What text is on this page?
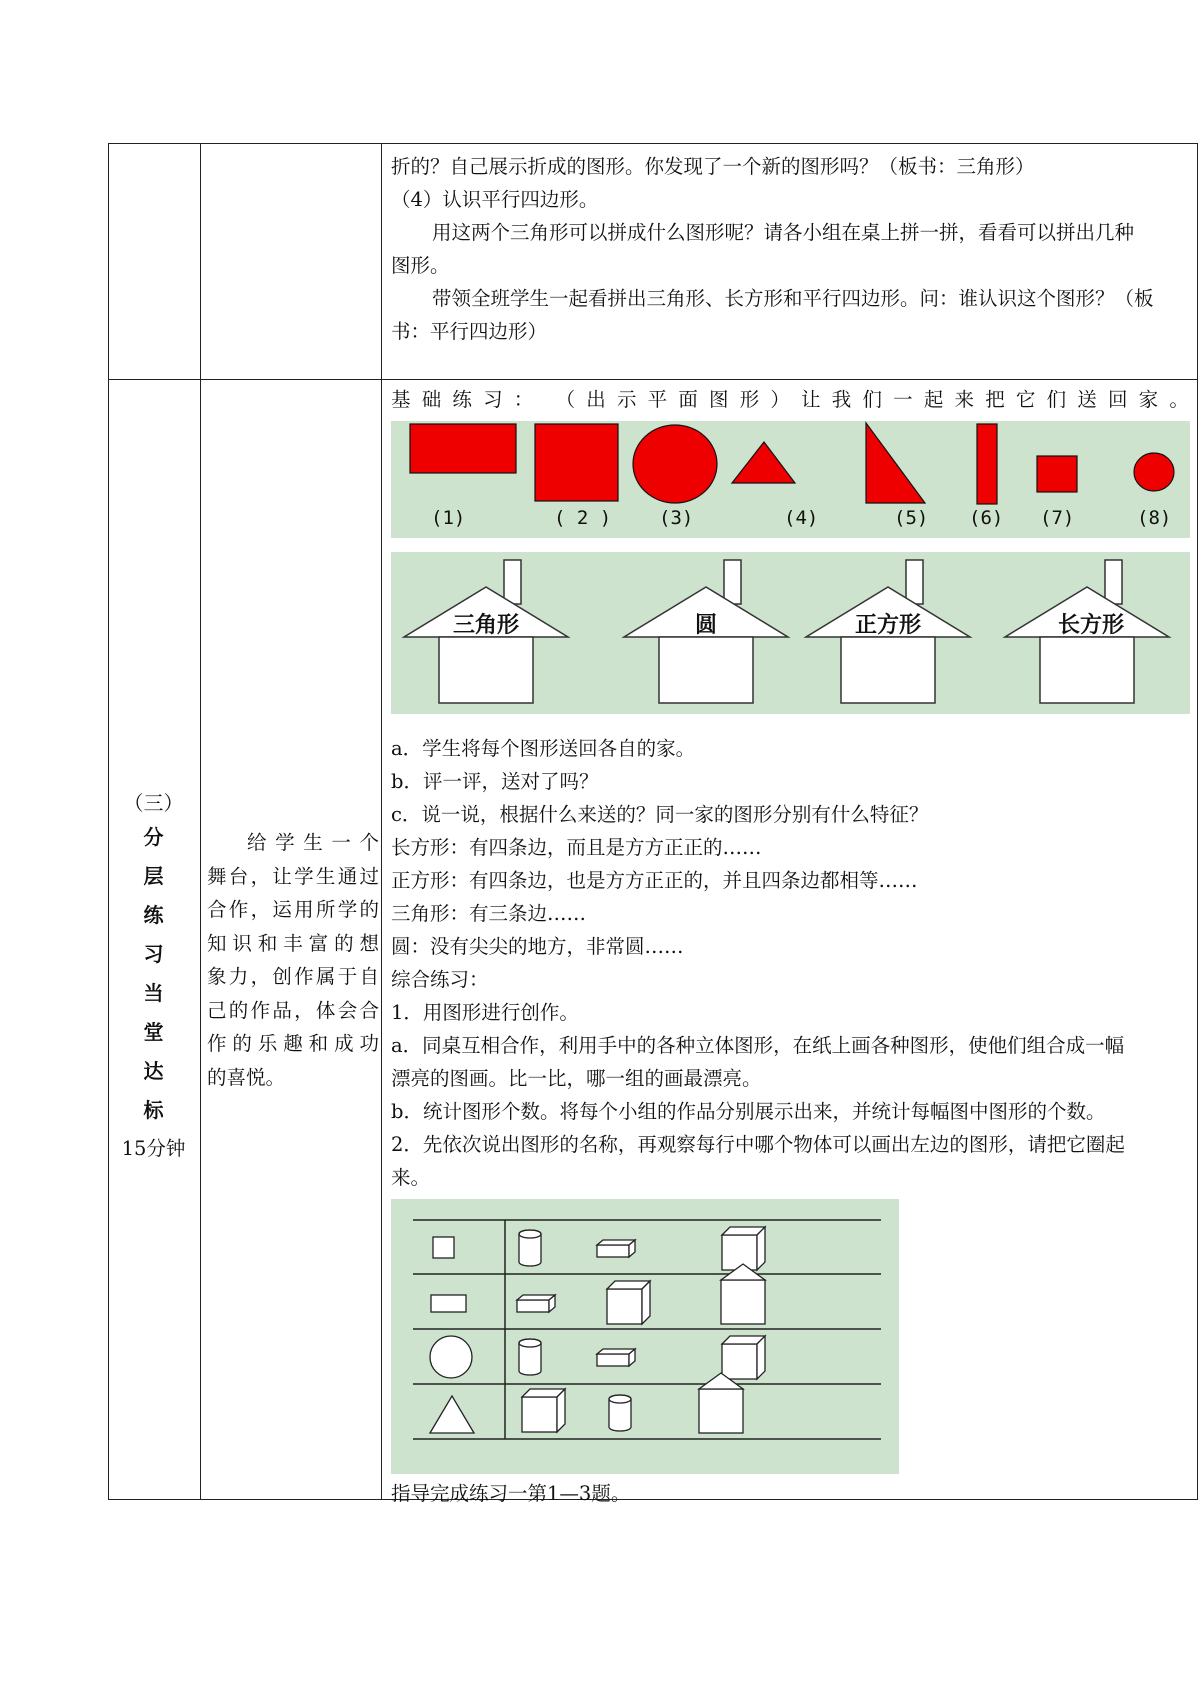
折的？自己展示折成的图形。你发现了一个新的图形吗？（板书：三角形）
（4）认识平行四边形。
用这两个三角形可以拼成什么图形呢？请各小组在桌上拼一拼，看看可以拼出几种
图形。
带领全班学生一起看拼出三角形、长方形和平行四边形。问：谁认识这个图形？（板
书：平行四边形）
（三）
分
层
练
习
当
堂
达
标
15分钟
给学生一个
舞台，让学生通过
合作，运用所学的
知识和丰富的想
象力，创作属于自
己的作品，体会合
作的乐趣和成功
的喜悦。
基 础 练 习 ： （ 出 示 平 面 图 形 ） 让 我 们 一 起 来 把 它 们 送 回 家 。
(1)	( 2 )	(3)	(4)	(5) (6) (7)	(8)
三角形	圆	正方形	长方形
a．学生将每个图形送回各自的家。
b．评一评，送对了吗？
c．说一说，根据什么来送的？同一家的图形分别有什么特征？
长方形：有四条边，而且是方方正正的……
正方形：有四条边，也是方方正正的，并且四条边都相等……
三角形：有三条边……
圆：没有尖尖的地方，非常圆……
综合练习：
1．用图形进行创作。
a．同桌互相合作，利用手中的各种立体图形，在纸上画各种图形，使他们组合成一幅
漂亮的图画。比一比，哪一组的画最漂亮。
b．统计图形个数。将每个小组的作品分别展示出来，并统计每幅图中图形的个数。
2．先依次说出图形的名称，再观察每行中哪个物体可以画出左边的图形，请把它圈起
来。
指导完成练习一第1—3题。
